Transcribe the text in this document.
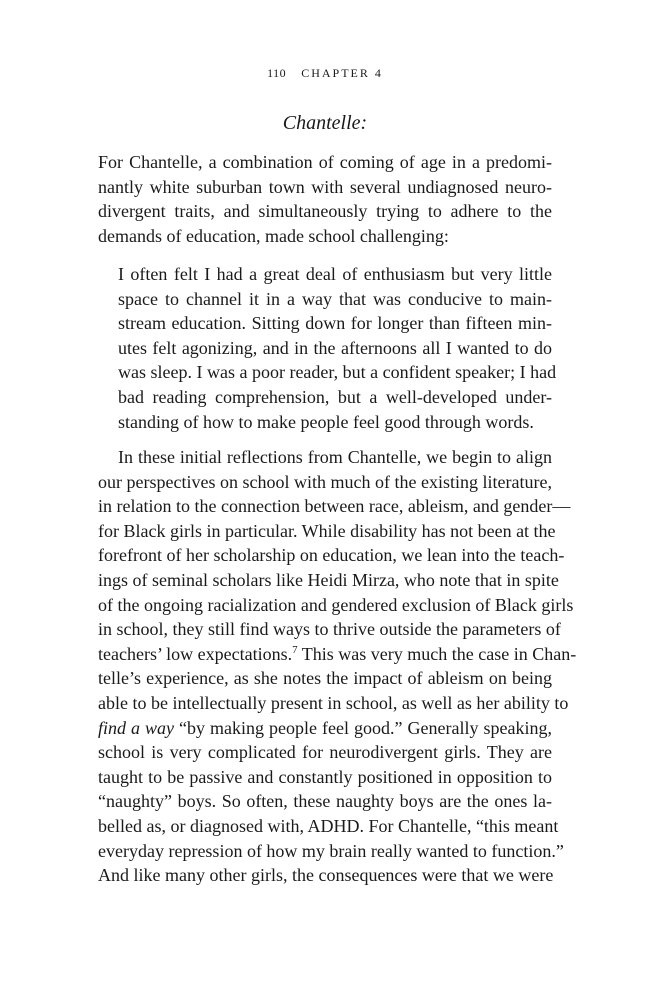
110 CHAPTER 4
Chantelle:
For Chantelle, a combination of coming of age in a predomi-
nantly white suburban town with several undiagnosed neuro-
divergent traits, and simultaneously trying to adhere to the
demands of education, made school challenging:
I often felt I had a great deal of enthusiasm but very little
space to channel it in a way that was conducive to main-
stream education. Sitting down for longer than fifteen min-
utes felt agonizing, and in the afternoons all I wanted to do
was sleep. I was a poor reader, but a confident speaker; I had
bad reading comprehension, but a well-developed under-
standing of how to make people feel good through words.
In these initial reflections from Chantelle, we begin to align
our perspectives on school with much of the existing literature,
in relation to the connection between race, ableism, and gender—
for Black girls in particular. While disability has not been at the
forefront of her scholarship on education, we lean into the teach-
ings of seminal scholars like Heidi Mirza, who note that in spite
of the ongoing racialization and gendered exclusion of Black girls
in school, they still find ways to thrive outside the parameters of
teachers’ low expectations.$^7$ This was very much the case in Chan-
telle’s experience, as she notes the impact of ableism on being
able to be intellectually present in school, as well as her ability to
find a way “by making people feel good.” Generally speaking,
school is very complicated for neurodivergent girls. They are
taught to be passive and constantly positioned in opposition to
“naughty” boys. So often, these naughty boys are the ones la-
belled as, or diagnosed with, ADHD. For Chantelle, “this meant
everyday repression of how my brain really wanted to function.”
And like many other girls, the consequences were that we were
